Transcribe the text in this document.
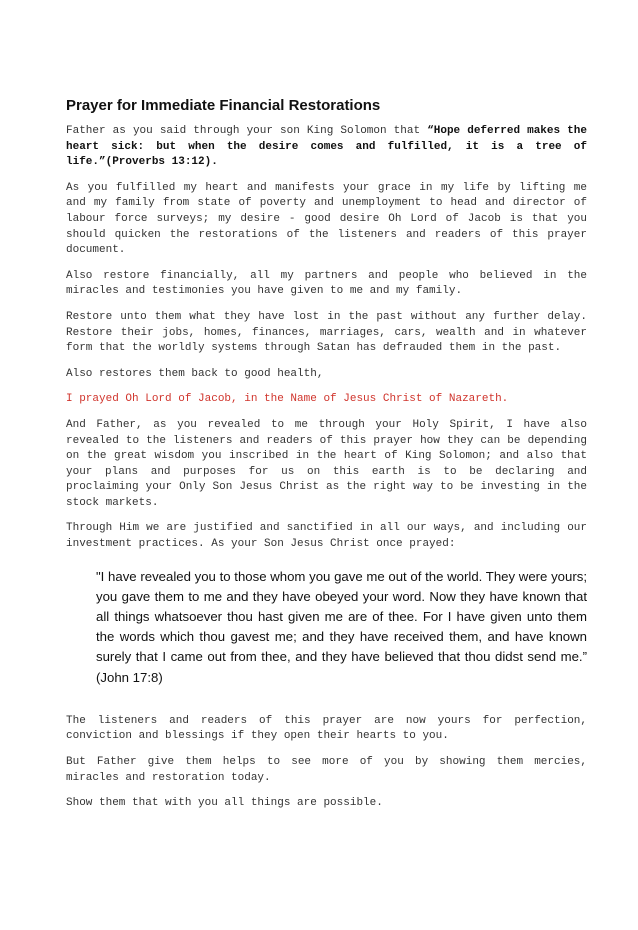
Prayer for Immediate Financial Restorations

Father as you said through your son King Solomon that “Hope deferred makes the heart sick: but when the desire comes and fulfilled, it is a tree of life.”(Proverbs 13:12).

As you fulfilled my heart and manifests your grace in my life by lifting me and my family from state of poverty and unemployment to head and director of labour force surveys; my desire - good desire Oh Lord of Jacob is that you should quicken the restorations of the listeners and readers of this prayer document.

Also restore financially, all my partners and people who believed in the miracles and testimonies you have given to me and my family.

Restore unto them what they have lost in the past without any further delay. Restore their jobs, homes, finances, marriages, cars, wealth and in whatever form that the worldly systems through Satan has defrauded them in the past.

Also restores them back to good health,

I prayed Oh Lord of Jacob, in the Name of Jesus Christ of Nazareth.

And Father, as you revealed to me through your Holy Spirit, I have also revealed to the listeners and readers of this prayer how they can be depending on the great wisdom you inscribed in the heart of King Solomon; and also that your plans and purposes for us on this earth is to be declaring and proclaiming your Only Son Jesus Christ as the right way to be investing in the stock markets.

Through Him we are justified and sanctified in all our ways, and including our investment practices. As your Son Jesus Christ once prayed:

"I have revealed you to those whom you gave me out of the world. They were yours; you gave them to me and they have obeyed your word. Now they have known that all things whatsoever thou hast given me are of thee. For I have given unto them the words which thou gavest me; and they have received them, and have known surely that I came out from thee, and they have believed that thou didst send me.” (John 17:8)

The listeners and readers of this prayer are now yours for perfection, conviction and blessings if they open their hearts to you.

But Father give them helps to see more of you by showing them mercies, miracles and restoration today.

Show them that with you all things are possible.
